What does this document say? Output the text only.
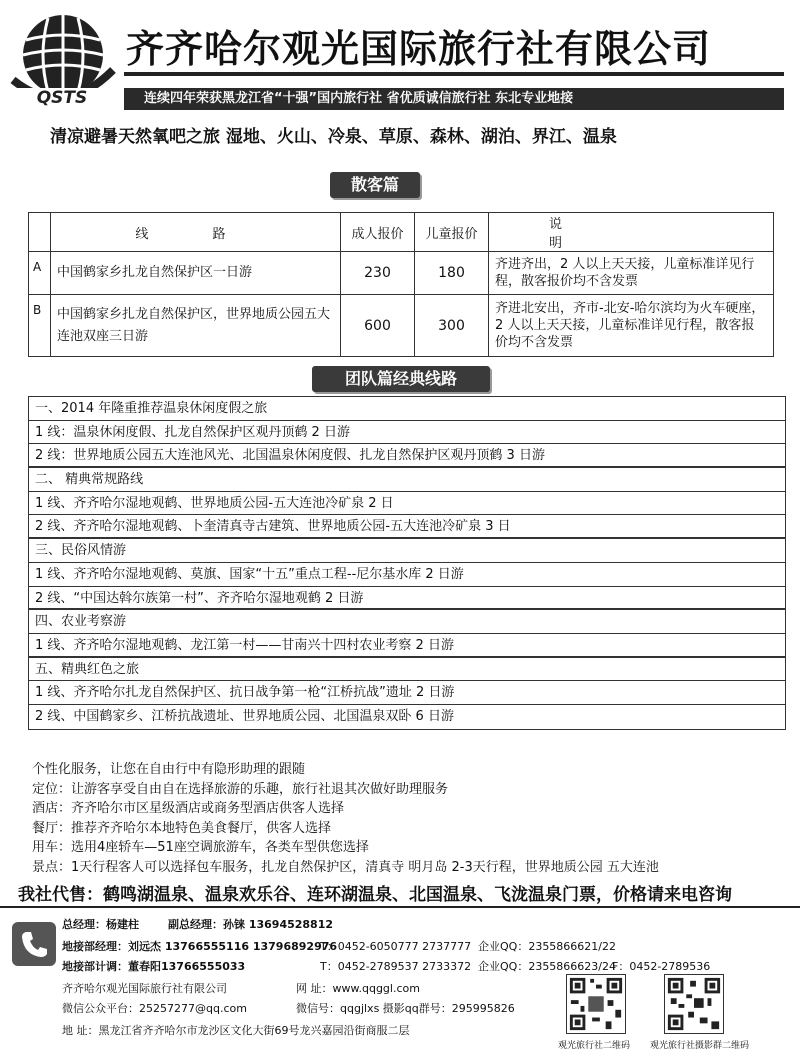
QSTS
齐齐哈尔观光国际旅行社有限公司
连续四年荣获黑龙江省“十强”国内旅行社 省优质诚信旅行社 东北专业地接
清凉避暑天然氧吧之旅 湿地、火山、冷泉、草原、森林、湖泊、界江、温泉
散客篇
	线 路	成人报价	儿童报价	说 明
A	中国鹤家乡扎龙自然保护区一日游	230	180	齐进齐出，2 人以上天天接，儿童标准详见行程，散客报价均不含发票
B	中国鹤家乡扎龙自然保护区，世界地质公园五大连池双座三日游	600	300	齐进北安出，齐市-北安-哈尔滨均为火车硬座，2 人以上天天接，儿童标准详见行程，散客报价均不含发票
团队篇经典线路
一、2014 年隆重推荐温泉休闲度假之旅
1 线：温泉休闲度假、扎龙自然保护区观丹顶鹤 2 日游
2 线：世界地质公园五大连池风光、北国温泉休闲度假、扎龙自然保护区观丹顶鹤 3 日游
二、 精典常规路线
1 线、齐齐哈尔湿地观鹤、世界地质公园-五大连池冷矿泉 2 日
2 线、齐齐哈尔湿地观鹤、卜奎清真寺古建筑、世界地质公园-五大连池冷矿泉 3 日
三、民俗风情游
1 线、齐齐哈尔湿地观鹤、莫旗、国家“十五”重点工程--尼尔基水库 2 日游
2 线、“中国达斡尔族第一村”、齐齐哈尔湿地观鹤 2 日游
四、农业考察游
1 线、齐齐哈尔湿地观鹤、龙江第一村——甘南兴十四村农业考察 2 日游
五、精典红色之旅
1 线、齐齐哈尔扎龙自然保护区、抗日战争第一枪“江桥抗战”遗址 2 日游
2 线、中国鹤家乡、江桥抗战遗址、世界地质公园、北国温泉双卧 6 日游
个性化服务，让您在自由行中有隐形助理的跟随
定位：让游客享受自由自在选择旅游的乐趣，旅行社退其次做好助理服务
酒店：齐齐哈尔市区星级酒店或商务型酒店供客人选择
餐厅：推荐齐齐哈尔本地特色美食餐厅，供客人选择
用车：选用4座轿车—51座空调旅游车，各类车型供您选择
景点：1天行程客人可以选择包车服务，扎龙自然保护区，清真寺 明月岛 2-3天行程，世界地质公园 五大连池
我社代售：鹤鸣湖温泉、温泉欢乐谷、连环湖温泉、北国温泉、飞泷温泉门票，价格请来电咨询
总经理：杨建柱	副总经理：孙铼 13694528812
地接部经理：刘远杰 13766555116 13796892976
T：0452-6050777 2737777 企业QQ：2355866621/22
地接部计调：董春阳13766555033	T：0452-2789537 2733372 企业QQ：2355866623/24
F：0452-2789536
齐齐哈尔观光国际旅行社有限公司	网 址：www.qqggl.com
微信公众平台：25257277@qq.com	微信号：qqgjlxs 摄影qq群号：295995826
地 址：黑龙江省齐齐哈尔市龙沙区文化大街69号龙兴嘉园沿街商服二层
观光旅行社二维码 观光旅行社摄影群二维码
